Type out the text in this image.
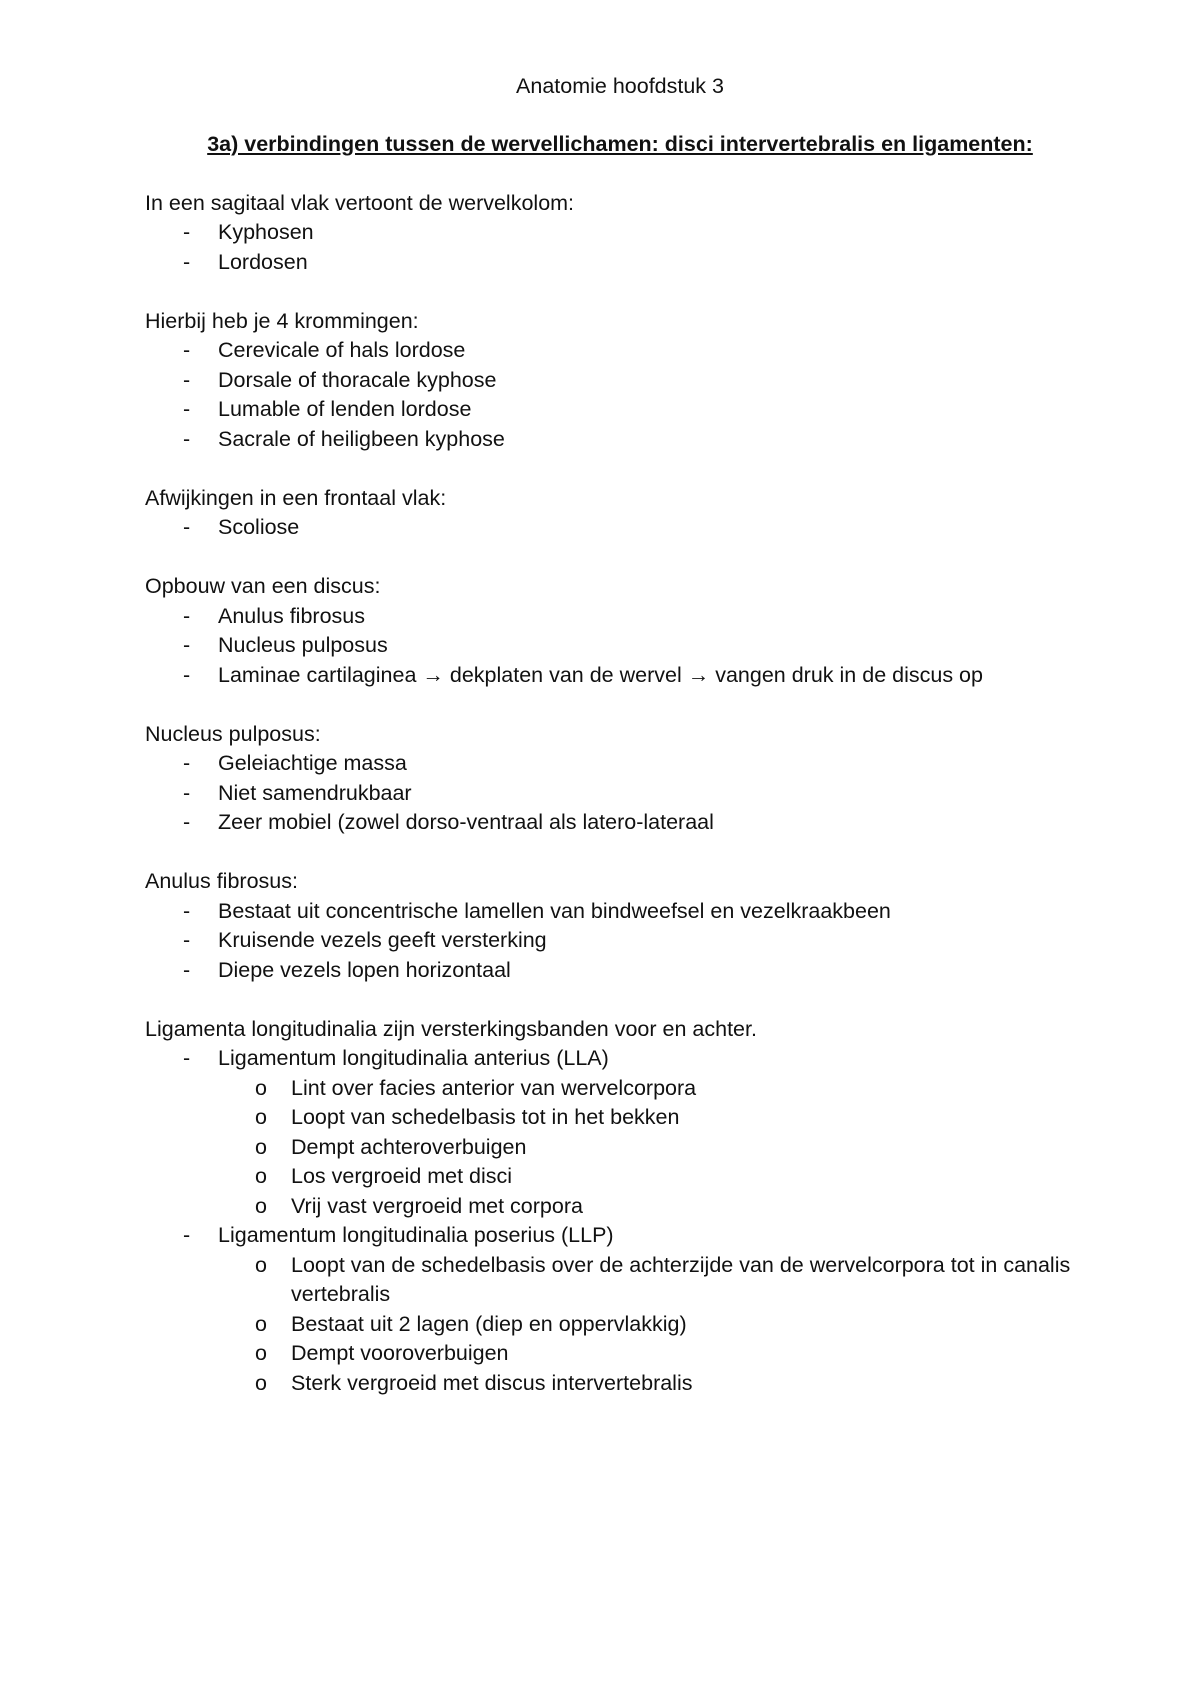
Anatomie hoofdstuk 3

3a) verbindingen tussen de wervellichamen: disci intervertebralis en ligamenten:

In een sagitaal vlak vertoont de wervelkolom:

- Kyphosen
- Lordosen

Hierbij heb je 4 krommingen:

- Cerevicale of hals lordose
- Dorsale of thoracale kyphose
- Lumable of lenden lordose
- Sacrale of heiligbeen kyphose

Afwijkingen in een frontaal vlak:

- Scoliose

Opbouw van een discus:

- Anulus fibrosus
- Nucleus pulposus
- Laminae cartilaginea → dekplaten van de wervel → vangen druk in de discus op

Nucleus pulposus:

- Geleiachtige massa
- Niet samendrukbaar
- Zeer mobiel (zowel dorso-ventraal als latero-lateraal

Anulus fibrosus:

- Bestaat uit concentrische lamellen van bindweefsel en vezelkraakbeen
- Kruisende vezels geeft versterking
- Diepe vezels lopen horizontaal

Ligamenta longitudinalia zijn versterkingsbanden voor en achter.

- Ligamentum longitudinalia anterius (LLA)
o Lint over facies anterior van wervelcorpora
o Loopt van schedelbasis tot in het bekken
o Dempt achteroverbuigen
o Los vergroeid met disci
o Vrij vast vergroeid met corpora
- Ligamentum longitudinalia poserius (LLP)
o Loopt van de schedelbasis over de achterzijde van de wervelcorpora tot in canalis vertebralis
o Bestaat uit 2 lagen (diep en oppervlakkig)
o Dempt vooroverbuigen
o Sterk vergroeid met discus intervertebralis
